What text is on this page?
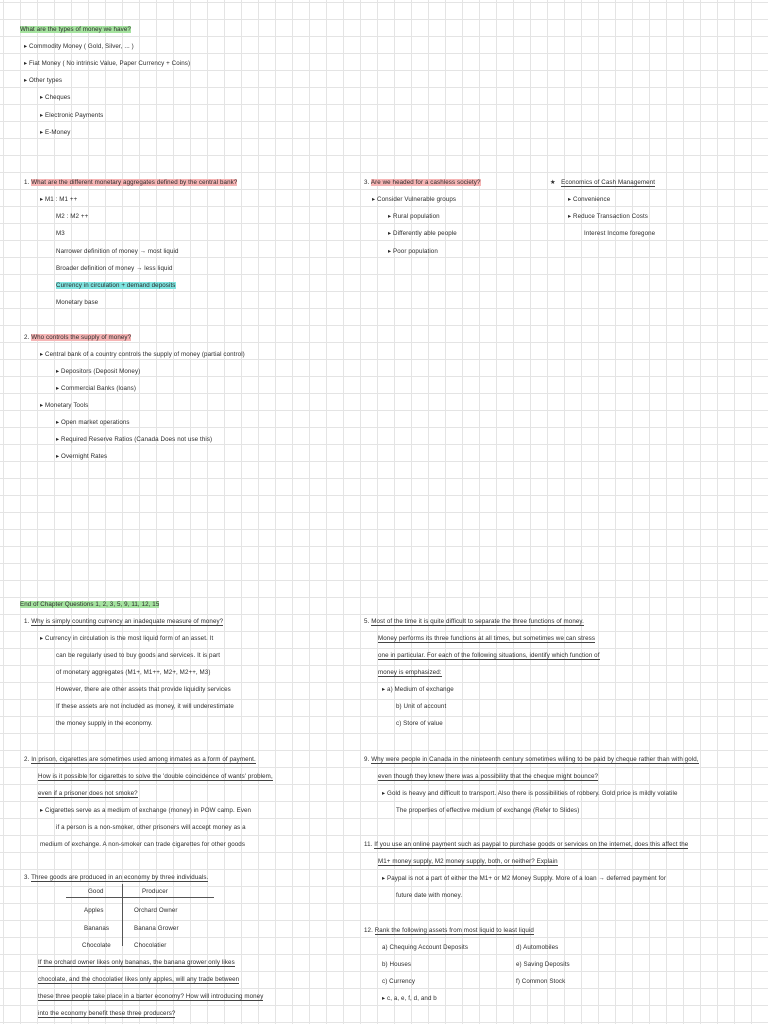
What are the types of money we have?
▸ Commodity Money ( Gold, Silver, ... )
▸ Fiat Money ( No intrinsic Value, Paper Currency + Coins)
▸ Other types
▸ Cheques
▸ Electronic Payments
▸ E-Money
1. What are the different monetary aggregates defined by the central bank?
▸ M1 : M1 ++
M2 : M2 ++
M3
Narrower definition of money → most liquid
Broader definition of money → less liquid
Currency in circulation + demand deposits
Monetary base
2. Who controls the supply of money?
▸ Central bank of a country controls the supply of money (partial control)
▸ Depositors (Deposit Money)
▸ Commercial Banks (loans)
▸ Monetary Tools
▸ Open market operations
▸ Required Reserve Ratios (Canada Does not use this)
▸ Overnight Rates
3. Are we headed for a cashless society?
▸ Consider Vulnerable groups
▸ Rural population
▸ Differently able people
▸ Poor population
★ Economics of Cash Management
▸ Convenience
▸ Reduce Transaction Costs
Interest Income foregone
End of Chapter Questions 1, 2, 3, 5, 9, 11, 12, 15
1. Why is simply counting currency an inadequate measure of money?
▸ Currency in circulation is the most liquid form of an asset. It
can be regularly used to buy goods and services. It is part
of monetary aggregates (M1+, M1++, M2+, M2++, M3)
However, there are other assets that provide liquidity services
If these assets are not included as money, it will underestimate
the money supply in the economy.
2. In prison, cigarettes are sometimes used among inmates as a form of payment.
How is it possible for cigarettes to solve the 'double coincidence of wants' problem,
even if a prisoner does not smoke?
▸ Cigarettes serve as a medium of exchange (money) in POW camp. Even
if a person is a non-smoker, other prisoners will accept money as a
medium of exchange. A non-smoker can trade cigarettes for other goods
3. Three goods are produced in an economy by three individuals.
Good	Producer
Apples	Orchard Owner
Bananas	Banana Grower
Chocolate	Chocolatier
If the orchard owner likes only bananas, the banana grower only likes
chocolate, and the chocolatier likes only apples, will any trade between
these three people take place in a barter economy? How will introducing money
into the economy benefit these three producers?
5. Most of the time it is quite difficult to separate the three functions of money.
Money performs its three functions at all times, but sometimes we can stress
one in particular. For each of the following situations, identify which function of
money is emphasized:
▸ a) Medium of exchange
b) Unit of account
c) Store of value
9. Why were people in Canada in the nineteenth century sometimes willing to be paid by cheque rather than with gold,
even though they knew there was a possibility that the cheque might bounce?
▸ Gold is heavy and difficult to transport. Also there is possibilities of robbery. Gold price is mildly volatile
The properties of effective medium of exchange (Refer to Slides)
11. If you use an online payment such as paypal to purchase goods or services on the internet, does this affect the
M1+ money supply, M2 money supply, both, or neither? Explain
▸ Paypal is not a part of either the M1+ or M2 Money Supply. More of a loan → deferred payment for
future date with money.
12. Rank the following assets from most liquid to least liquid
a) Chequing Account Deposits
b) Houses
c) Currency
▸ c, a, e, f, d, and b
d) Automobiles
e) Saving Deposits
f) Common Stock
